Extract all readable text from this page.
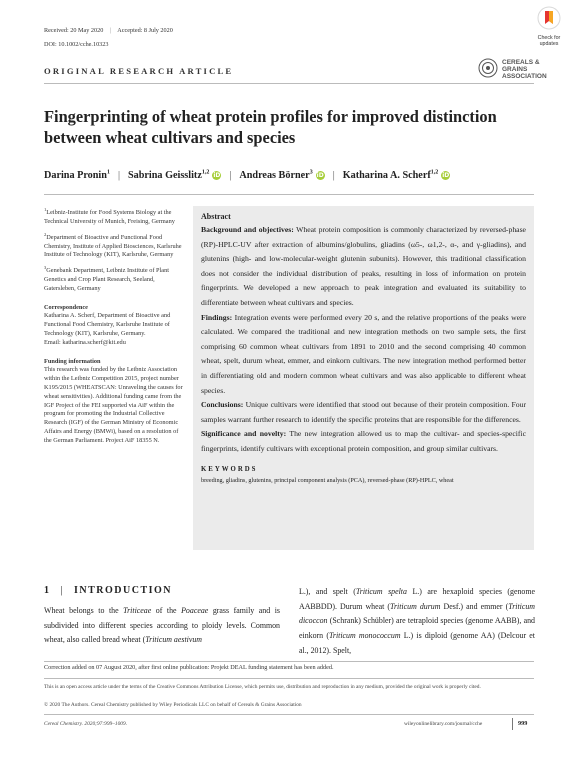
Received: 20 May 2020 | Accepted: 8 July 2020
DOI: 10.1002/cche.10323
Check for updates
ORIGINAL RESEARCH ARTICLE
CEREALS & GRAINS ASSOCIATION
Fingerprinting of wheat protein profiles for improved distinction between wheat cultivars and species
Darina Pronin$^1$ | Sabrina Geisslitz$^{1,2}$ iD | Andreas Börner$^3$ iD | Katharina A. Scherf$^{1,2}$ iD

$^1$Leibniz-Institute for Food Systems Biology at the Technical University of Munich, Freising, Germany

$^2$Department of Bioactive and Functional Food Chemistry, Institute of Applied Biosciences, Karlsruhe Institute of Technology (KIT), Karlsruhe, Germany

$^3$Genebank Department, Leibniz Institute of Plant Genetics and Crop Plant Research, Seeland, Gatersleben, Germany

Correspondence

Katharina A. Scherf, Department of Bioactive and Functional Food Chemistry, Karlsruhe Institute of Technology (KIT), Karlsruhe, Germany.

Email: katharina.scherf@kit.edu

Funding information

This research was funded by the Leibniz Association within the Leibniz Competition 2015, project number K195/2015 (WHEATSCAN: Unraveling the causes for wheat sensitivities). Additional funding came from the IGF Project of the FEI supported via AiF within the program for promoting the Industrial Collective Research (IGF) of the German Ministry of Economic Affairs and Energy (BMWi), based on a resolution of the German Parliament. Project AiF 18355 N.

Abstract

Background and objectives: Wheat protein composition is commonly characterized by reversed-phase (RP)-HPLC-UV after extraction of albumins/globulins, gliadins (ω5-, ω1,2-, α-, and γ-gliadins), and glutenins (high- and low-molecular-weight glutenin subunits). However, this traditional classification does not consider the individual distribution of peaks, resulting in loss of information on protein fingerprints. We developed a new approach to peak integration and evaluated its suitability to differentiate between wheat cultivars and species.

Findings: Integration events were performed every 20 s, and the relative proportions of the peaks were calculated. We compared the traditional and new integration methods on two sample sets, the first comprising 60 common wheat cultivars from 1891 to 2010 and the second comprising 40 common wheat, spelt, durum wheat, emmer, and einkorn cultivars. The new integration method performed better in differentiating old and modern common wheat cultivars and was also applicable to different wheat species.

Conclusions: Unique cultivars were identified that stood out because of their protein composition. Four samples warrant further research to identify the specific proteins that are responsible for the differences.

Significance and novelty: The new integration allowed us to map the cultivar- and species-specific fingerprints, identify cultivars with exceptional protein composition, and group similar cultivars.

KEYWORDS
breeding, gliadins, glutenins, principal component analysis (PCA), reversed-phase (RP)-HPLC, wheat
1 | INTRODUCTION
Wheat belongs to the Triticeae of the Poaceae grass family and is subdivided into different species according to ploidy levels. Common wheat, also called bread wheat (Triticum aestivum
L.), and spelt (Triticum spelta L.) are hexaploid species (genome AABBDD). Durum wheat (Triticum durum Desf.) and emmer (Triticum dicoccon (Schrank) Schübler) are tetraploid species (genome AABB), and einkorn (Triticum monococcum L.) is diploid (genome AA) (Delcour et al., 2012). Spelt,
Correction added on 07 August 2020, after first online publication: Projekt DEAL funding statement has been added.
This is an open access article under the terms of the Creative Commons Attribution License, which permits use, distribution and reproduction in any medium, provided the original work is properly cited.
© 2020 The Authors. Cereal Chemistry published by Wiley Periodicals LLC on behalf of Cereals & Grains Association
Cereal Chemistry. 2020;97:999–1009.	wileyonlinelibrary.com/journal/cche	999
